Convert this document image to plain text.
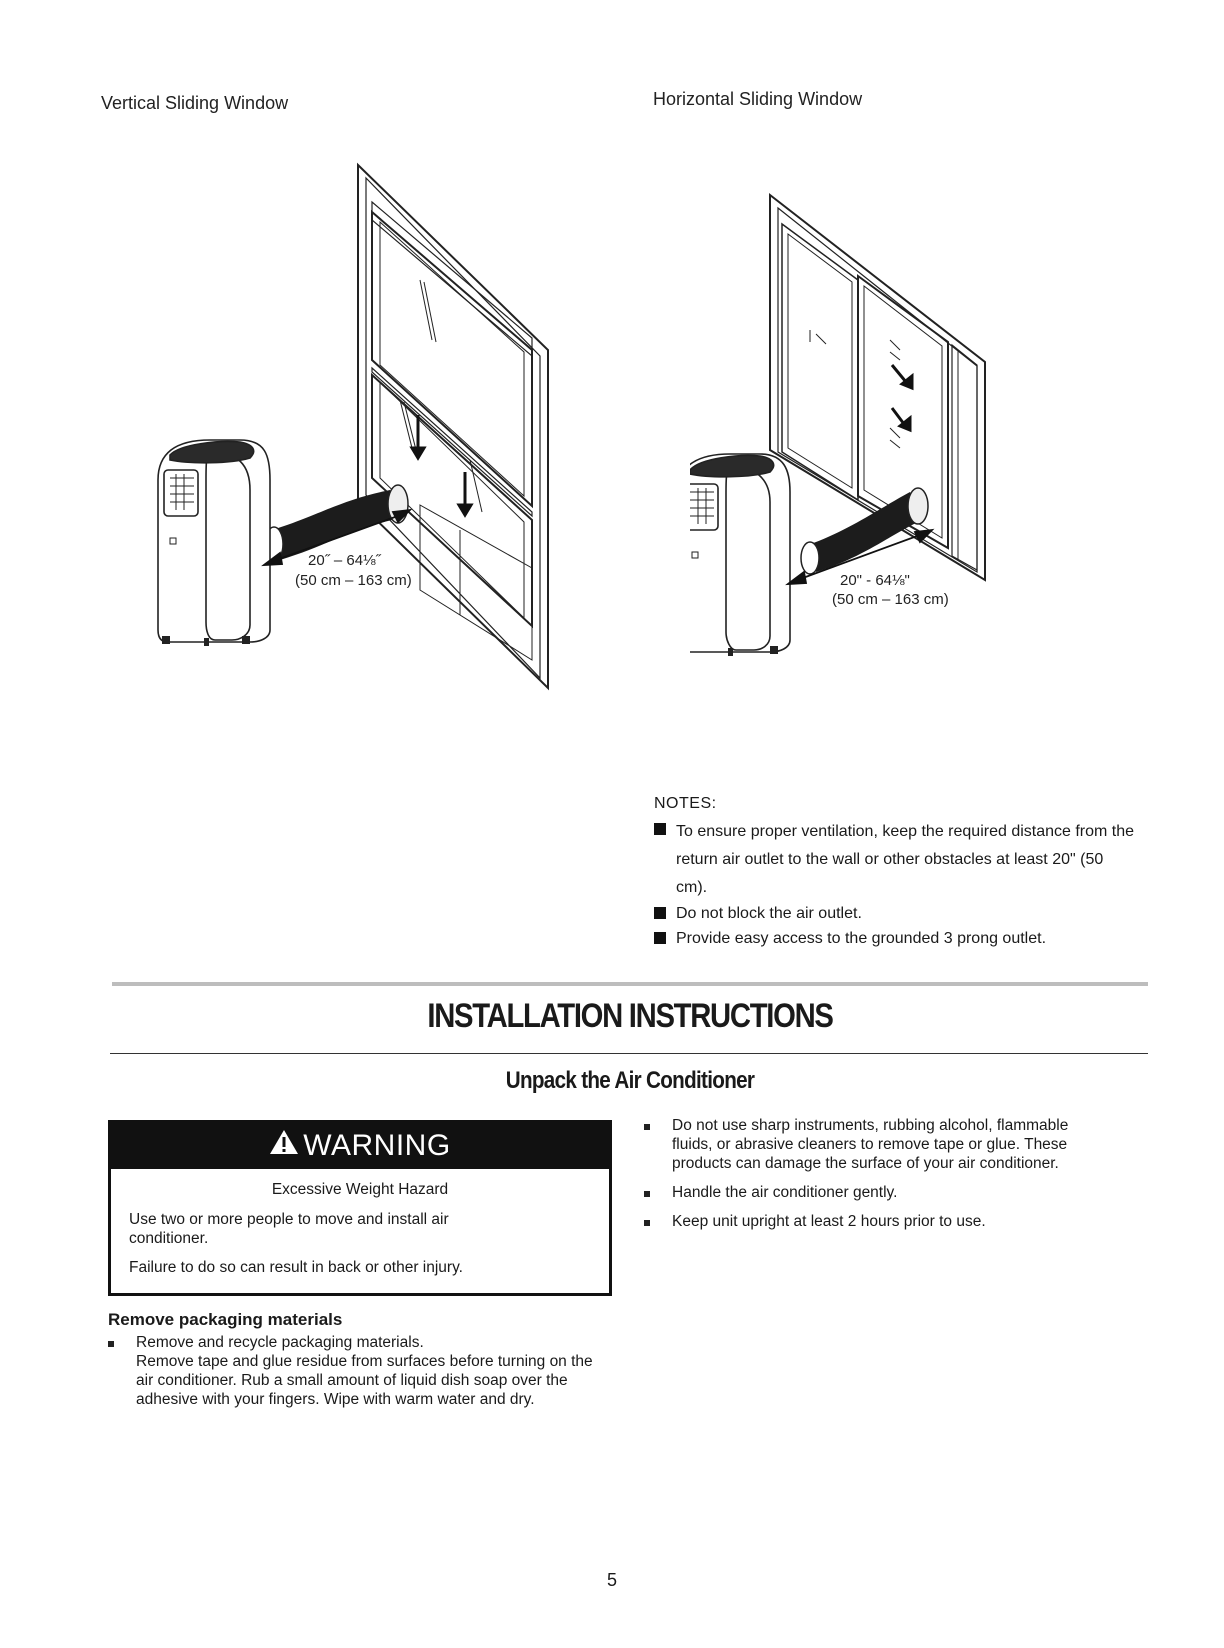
Vertical Sliding Window	Horizontal Sliding Window
20˝ – 64⅛˝
(50 cm – 163 cm)	20" - 64⅛"
(50 cm – 163 cm)
NOTES:
To ensure proper ventilation, keep the required distance from the return air outlet to the wall or other obstacles at least 20" (50 cm).
Do not block the air outlet.
Provide easy access to the grounded 3 prong outlet.
INSTALLATION INSTRUCTIONS
Unpack the Air Conditioner
WARNING
Excessive Weight Hazard
Use two or more people to move and install air conditioner.
Failure to do so can result in back or other injury.
Remove packaging materials
Remove and recycle packaging materials.
Remove tape and glue residue from surfaces before turning on the air conditioner. Rub a small amount of liquid dish soap over the adhesive with your fingers. Wipe with warm water and dry.
Do not use sharp instruments, rubbing alcohol, flammable fluids, or abrasive cleaners to remove tape or glue. These products can damage the surface of your air conditioner.
Handle the air conditioner gently.
Keep unit upright at least 2 hours prior to use.
5
